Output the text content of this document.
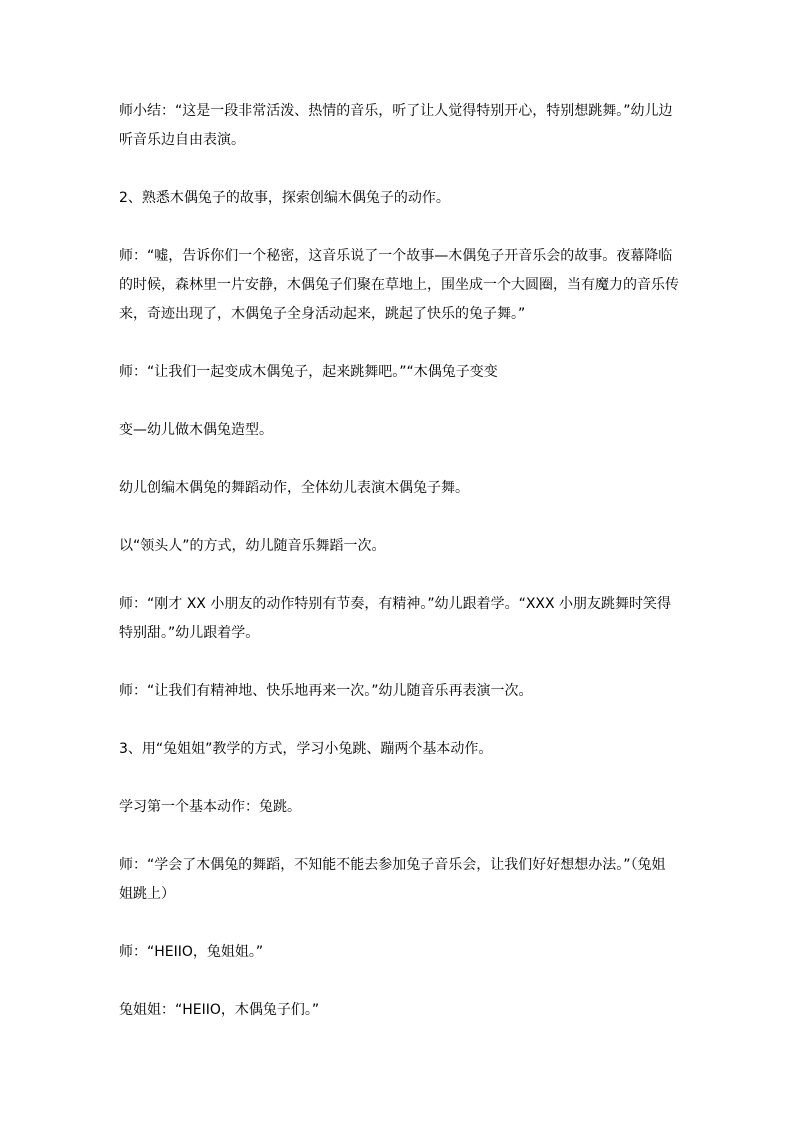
师小结：“这是一段非常活泼、热情的音乐，听了让人觉得特别开心，特别想跳舞。”幼儿边听音乐边自由表演。

2、熟悉木偶兔子的故事，探索创编木偶兔子的动作。

师：“嘘，告诉你们一个秘密，这音乐说了一个故事—木偶兔子开音乐会的故事。夜幕降临的时候，森林里一片安静，木偶兔子们聚在草地上，围坐成一个大圆圈，当有魔力的音乐传来，奇迹出现了，木偶兔子全身活动起来，跳起了快乐的兔子舞。”

师：“让我们一起变成木偶兔子，起来跳舞吧。”“木偶兔子变变

变—幼儿做木偶兔造型。

幼儿创编木偶兔的舞蹈动作，全体幼儿表演木偶兔子舞。

以“领头人”的方式，幼儿随音乐舞蹈一次。

师：“刚才 XX 小朋友的动作特别有节奏，有精神。”幼儿跟着学。“XXX 小朋友跳舞时笑得特别甜。”幼儿跟着学。

师：“让我们有精神地、快乐地再来一次。”幼儿随音乐再表演一次。

3、用“兔姐姐”教学的方式，学习小兔跳、蹦两个基本动作。

学习第一个基本动作：兔跳。

师：“学会了木偶兔的舞蹈，不知能不能去参加兔子音乐会，让我们好好想想办法。”（兔姐姐跳上）

师：“HEIIO，兔姐姐。”

兔姐姐：“HEIIO，木偶兔子们。”
